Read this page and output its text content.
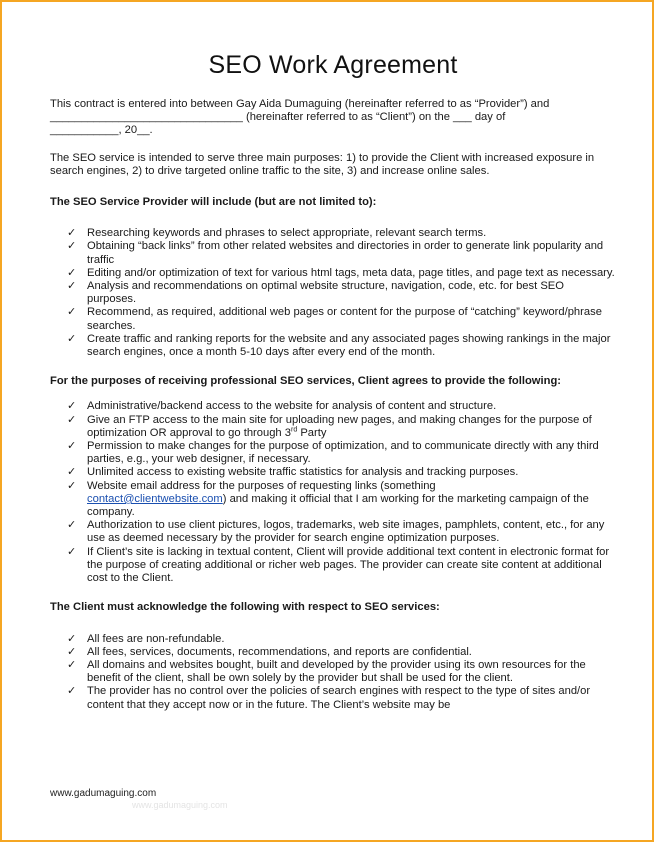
SEO Work Agreement

This contract is entered into between Gay Aida Dumaguing (hereinafter referred to as “Provider”) and
_______________________________ (hereinafter referred to as “Client”) on the ___ day of
___________, 20__.

The SEO service is intended to serve three main purposes: 1) to provide the Client with increased exposure in search engines, 2) to drive targeted online traffic to the site, 3) and increase online sales.

The SEO Service Provider will include (but are not limited to):
✓ Researching keywords and phrases to select appropriate, relevant search terms.
✓ Obtaining “back links” from other related websites and directories in order to generate link popularity and traffic
✓ Editing and/or optimization of text for various html tags, meta data, page titles, and page text as necessary.
✓ Analysis and recommendations on optimal website structure, navigation, code, etc. for best SEO purposes.
✓ Recommend, as required, additional web pages or content for the purpose of “catching” keyword/phrase searches.
✓ Create traffic and ranking reports for the website and any associated pages showing rankings in the major search engines, once a month 5-10 days after every end of the month.
For the purposes of receiving professional SEO services, Client agrees to provide the following:
✓ Administrative/backend access to the website for analysis of content and structure.
✓ Give an FTP access to the main site for uploading new pages, and making changes for the purpose of optimization OR approval to go through 3rd Party
✓ Permission to make changes for the purpose of optimization, and to communicate directly with any third parties, e.g., your web designer, if necessary.
✓ Unlimited access to existing website traffic statistics for analysis and tracking purposes.
✓ Website email address for the purposes of requesting links (something
contact@clientwebsite.com) and making it official that I am working for the marketing campaign of the company.
✓ Authorization to use client pictures, logos, trademarks, web site images, pamphlets, content, etc., for any use as deemed necessary by the provider for search engine optimization purposes.
✓ If Client’s site is lacking in textual content, Client will provide additional text content in electronic format for the purpose of creating additional or richer web pages. The provider can create site content at additional cost to the Client.
The Client must acknowledge the following with respect to SEO services:
✓ All fees are non-refundable.
✓ All fees, services, documents, recommendations, and reports are confidential.
✓ All domains and websites bought, built and developed by the provider using its own resources for the benefit of the client, shall be own solely by the provider but shall be used for the client.
✓ The provider has no control over the policies of search engines with respect to the type of sites and/or content that they accept now or in the future. The Client’s website may be
www.gadumaguing.com
www.gadumaguing.com
